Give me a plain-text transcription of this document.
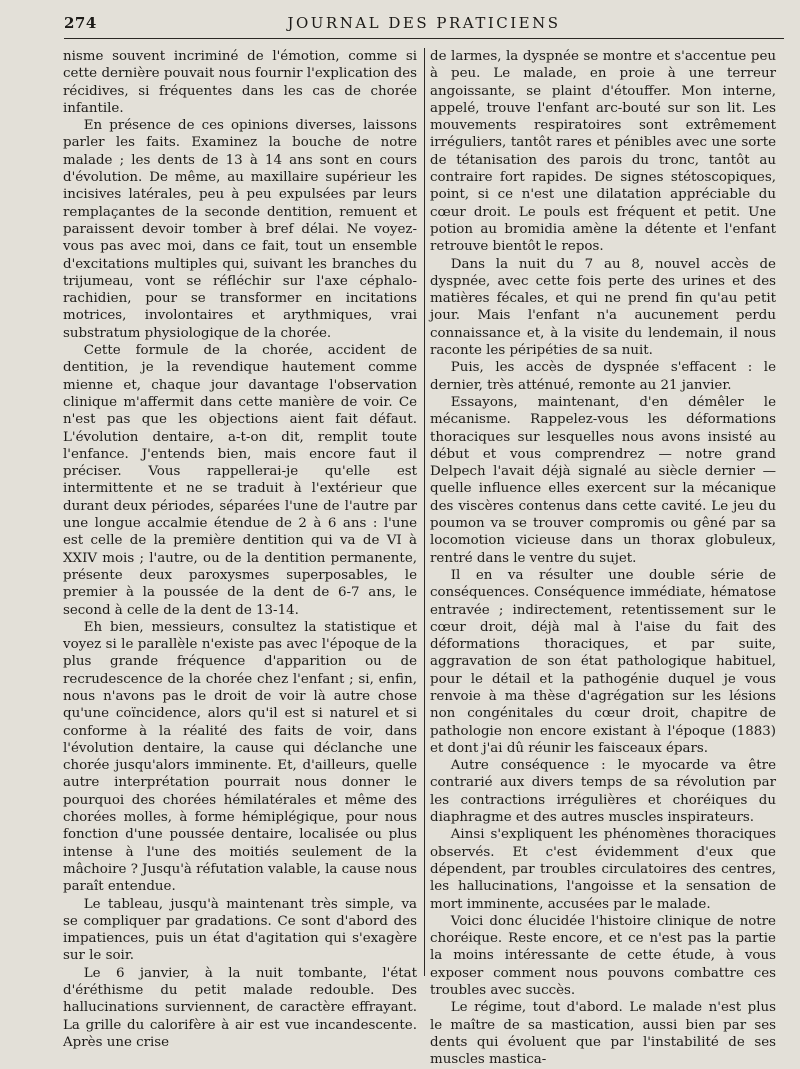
274	JOURNAL DES PRATICIENS

nisme souvent incriminé de l'émotion, comme si cette dernière pouvait nous fournir l'explication des récidives, si fréquentes dans les cas de chorée infantile.

En présence de ces opinions diverses, laissons parler les faits. Examinez la bouche de notre malade ; les dents de 13 à 14 ans sont en cours d'évolution. De même, au maxillaire supérieur les incisives latérales, peu à peu expulsées par leurs remplaçantes de la seconde dentition, remuent et paraissent devoir tomber à bref délai. Ne voyez-vous pas avec moi, dans ce fait, tout un ensemble d'excitations multiples qui, suivant les branches du trijumeau, vont se réfléchir sur l'axe céphalo-rachidien, pour se transformer en incitations motrices, involontaires et arythmiques, vrai substratum physiologique de la chorée.

Cette formule de la chorée, accident de dentition, je la revendique hautement comme mienne et, chaque jour davantage l'observation clinique m'affermit dans cette manière de voir. Ce n'est pas que les objections aient fait défaut. L'évolution dentaire, a-t-on dit, remplit toute l'enfance. J'entends bien, mais encore faut il préciser. Vous rappellerai-je qu'elle est intermittente et ne se traduit à l'extérieur que durant deux périodes, séparées l'une de l'autre par une longue accalmie étendue de 2 à 6 ans : l'une est celle de la première dentition qui va de VI à XXIV mois ; l'autre, ou de la dentition permanente, présente deux paroxysmes superposables, le premier à la poussée de la dent de 6-7 ans, le second à celle de la dent de 13-14.

Eh bien, messieurs, consultez la statistique et voyez si le parallèle n'existe pas avec l'époque de la plus grande fréquence d'apparition ou de recrudescence de la chorée chez l'enfant ; si, enfin, nous n'avons pas le droit de voir là autre chose qu'une coïncidence, alors qu'il est si naturel et si conforme à la réalité des faits de voir, dans l'évolution dentaire, la cause qui déclanche une chorée jusqu'alors imminente. Et, d'ailleurs, quelle autre interprétation pourrait nous donner le pourquoi des chorées hémilatérales et même des chorées molles, à forme hémiplégique, pour nous fonction d'une poussée dentaire, localisée ou plus intense à l'une des moitiés seulement de la mâchoire ? Jusqu'à réfutation valable, la cause nous paraît entendue.

Le tableau, jusqu'à maintenant très simple, va se compliquer par gradations. Ce sont d'abord des impatiences, puis un état d'agitation qui s'exagère sur le soir.

Le 6 janvier, à la nuit tombante, l'état d'éréthisme du petit malade redouble. Des hallucinations surviennent, de caractère effrayant. La grille du calorifère à air est vue incandescente. Après une crise

de larmes, la dyspnée se montre et s'accentue peu à peu. Le malade, en proie à une terreur angoissante, se plaint d'étouffer. Mon interne, appelé, trouve l'enfant arc-bouté sur son lit. Les mouvements respiratoires sont extrêmement irréguliers, tantôt rares et pénibles avec une sorte de tétanisation des parois du tronc, tantôt au contraire fort rapides. De signes stétoscopiques, point, si ce n'est une dilatation appréciable du cœur droit. Le pouls est fréquent et petit. Une potion au bromidia amène la détente et l'enfant retrouve bientôt le repos.

Dans la nuit du 7 au 8, nouvel accès de dyspnée, avec cette fois perte des urines et des matières fécales, et qui ne prend fin qu'au petit jour. Mais l'enfant n'a aucunement perdu connaissance et, à la visite du lendemain, il nous raconte les péripéties de sa nuit.

Puis, les accès de dyspnée s'effacent : le dernier, très atténué, remonte au 21 janvier.

Essayons, maintenant, d'en démêler le mécanisme. Rappelez-vous les déformations thoraciques sur lesquelles nous avons insisté au début et vous comprendrez — notre grand Delpech l'avait déjà signalé au siècle dernier — quelle influence elles exercent sur la mécanique des viscères contenus dans cette cavité. Le jeu du poumon va se trouver compromis ou gêné par sa locomotion vicieuse dans un thorax globuleux, rentré dans le ventre du sujet.

Il en va résulter une double série de conséquences. Conséquence immédiate, hématose entravée ; indirectement, retentissement sur le cœur droit, déjà mal à l'aise du fait des déformations thoraciques, et par suite, aggravation de son état pathologique habituel, pour le détail et la pathogénie duquel je vous renvoie à ma thèse d'agrégation sur les lésions non congénitales du cœur droit, chapitre de pathologie non encore existant à l'époque (1883) et dont j'ai dû réunir les faisceaux épars.

Autre conséquence : le myocarde va être contrarié aux divers temps de sa révolution par les contractions irrégulières et choréiques du diaphragme et des autres muscles inspirateurs.

Ainsi s'expliquent les phénomènes thoraciques observés. Et c'est évidemment d'eux que dépendent, par troubles circulatoires des centres, les hallucinations, l'angoisse et la sensation de mort imminente, accusées par le malade.

Voici donc élucidée l'histoire clinique de notre choréique. Reste encore, et ce n'est pas la partie la moins intéressante de cette étude, à vous exposer comment nous pouvons combattre ces troubles avec succès.

Le régime, tout d'abord. Le malade n'est plus le maître de sa mastication, aussi bien par ses dents qui évoluent que par l'instabilité de ses muscles mastica-
